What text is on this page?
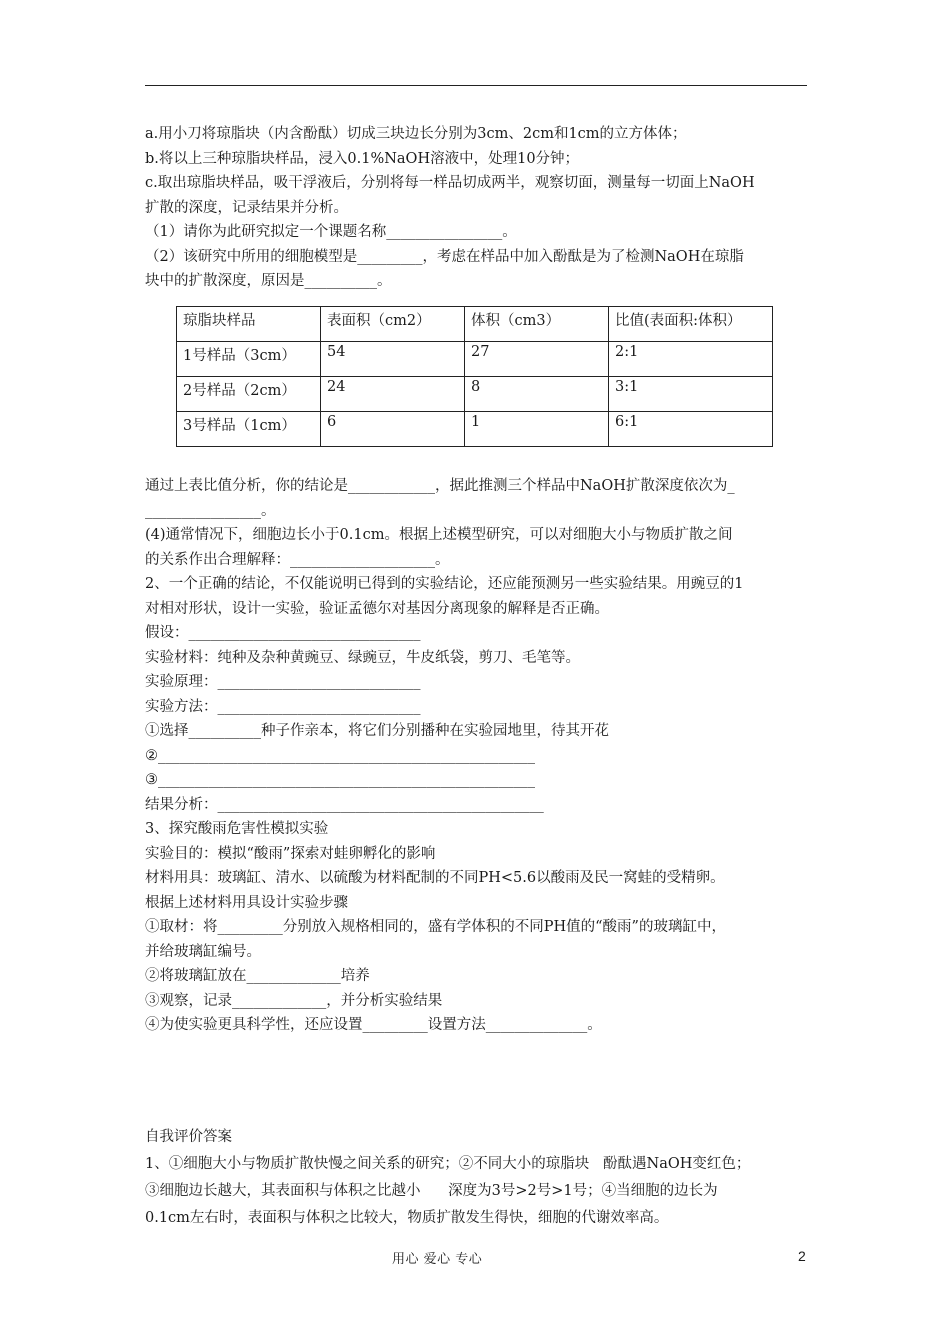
a.用小刀将琼脂块（内含酚酞）切成三块边长分别为3cm、2cm和1cm的立方体体；

b.将以上三种琼脂块样品，浸入0.1%NaOH溶液中，处理10分钟；

c.取出琼脂块样品，吸干浮液后，分别将每一样品切成两半，观察切面，测量每一切面上NaOH

扩散的深度，记录结果并分析。

（1）请你为此研究拟定一个课题名称________________。

（2）该研究中所用的细胞模型是_________，考虑在样品中加入酚酞是为了检测NaOH在琼脂

块中的扩散深度，原因是__________。

琼脂块样品	表面积（cm2）	体积（cm3）	比值(表面积:体积）
1号样品（3cm）	54	27	2:1
2号样品（2cm）	24	8	3:1
3号样品（1cm）	6	1	6:1

通过上表比值分析，你的结论是____________，据此推测三个样品中NaOH扩散深度依次为_

________________。

(4)通常情况下，细胞边长小于0.1cm。根据上述模型研究，可以对细胞大小与物质扩散之间

的关系作出合理解释：____________________。

2、一个正确的结论，不仅能说明已得到的实验结论，还应能预测另一些实验结果。用豌豆的1

对相对形状，设计一实验，验证孟德尔对基因分离现象的解释是否正确。

假设：________________________________

实验材料：纯种及杂种黄豌豆、绿豌豆，牛皮纸袋，剪刀、毛笔等。

实验原理：____________________________

实验方法：____________________________

①选择__________种子作亲本，将它们分别播种在实验园地里，待其开花

②____________________________________________________

③____________________________________________________

结果分析：_____________________________________________

3、探究酸雨危害性模拟实验

实验目的：模拟“酸雨”探索对蛙卵孵化的影响

材料用具：玻璃缸、清水、以硫酸为材料配制的不同PH<5.6以酸雨及民一窝蛙的受精卵。

根据上述材料用具设计实验步骤

①取材：将_________分别放入规格相同的，盛有学体积的不同PH值的“酸雨”的玻璃缸中，

并给玻璃缸编号。

②将玻璃缸放在_____________培养

③观察，记录_____________，并分析实验结果

④为使实验更具科学性，还应设置_________设置方法______________。

自我评价答案

1、①细胞大小与物质扩散快慢之间关系的研究；②不同大小的琼脂块   酚酞遇NaOH变红色；

③细胞边长越大，其表面积与体积之比越小      深度为3号>2号>1号；④当细胞的边长为

0.1cm左右时，表面积与体积之比较大，物质扩散发生得快，细胞的代谢效率高。

用心 爱心 专心	2
